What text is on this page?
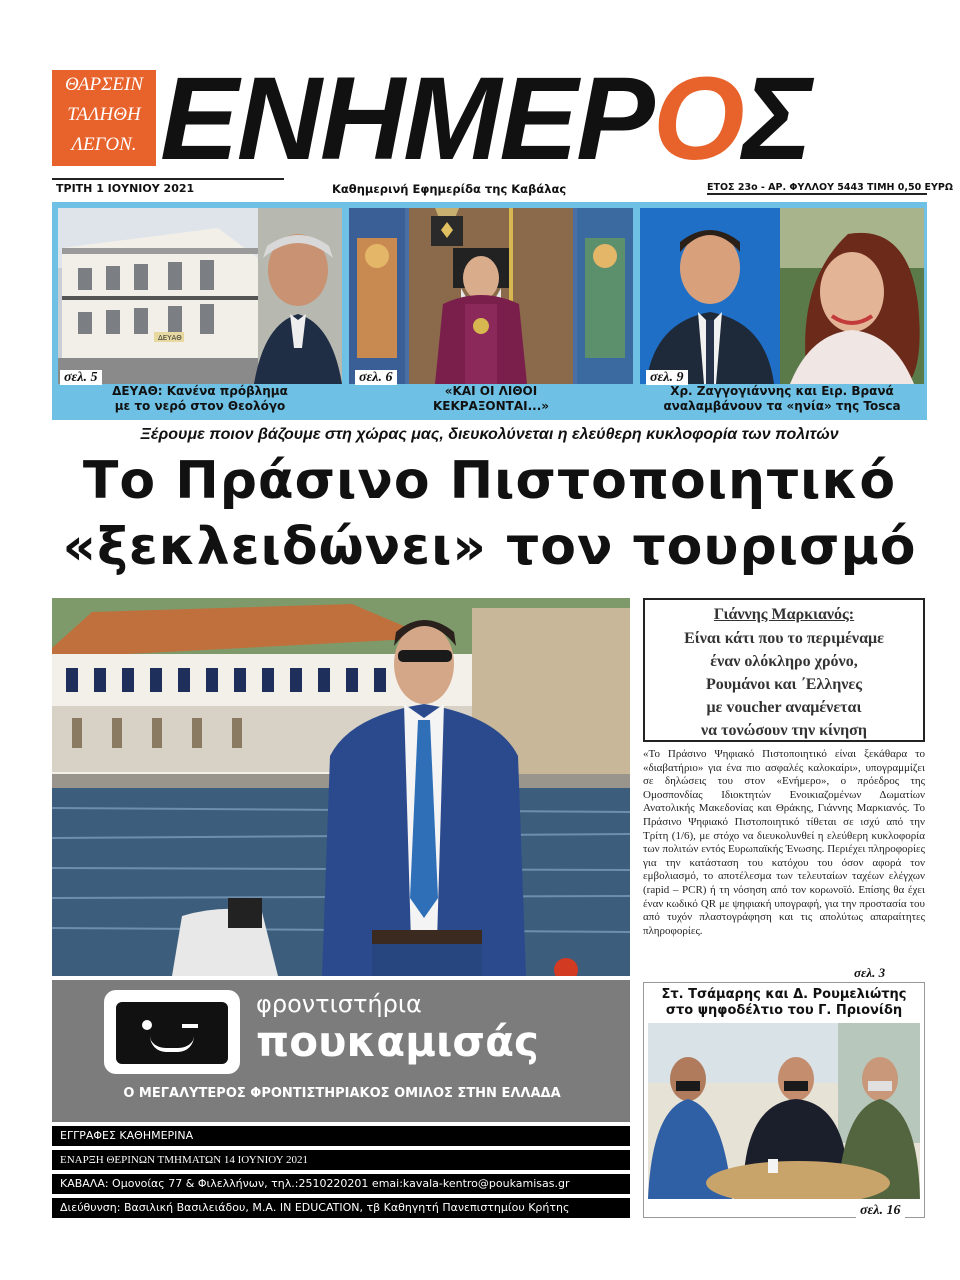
ΘΑΡΣΕΙΝ
ΤΑΛΗΘΗ
ΛΕΓΟΝ. ΕΝΗΜΕΡΟΣ
ΤΡΙΤΗ 1 ΙΟΥΝΙΟΥ 2021	Καθημερινή Εφημερίδα της Καβάλας	ΕΤΟΣ 23ο - ΑΡ. ΦΥΛΛΟΥ 5443 ΤΙΜΗ 0,50 ΕΥΡΩ
ΔΕΥΑΘ
σελ. 5
ΔΕΥΑΘ: Κανένα πρόβλημα
με το νερό στον Θεολόγο
σελ. 6
«ΚΑΙ ΟΙ ΛΙΘΟΙ
ΚΕΚΡΑΞΟΝΤΑΙ...»
σελ. 9
Χρ. Ζαγγογιάννης και Ειρ. Βρανά
αναλαμβάνουν τα «ηνία» της Tosca
Ξέρουμε ποιον βάζουμε στη χώρας μας, διευκολύνεται η ελεύθερη κυκλοφορία των πολιτών
Το Πράσινο Πιστοποιητικό
«ξεκλειδώνει» τον τουρισμό
Γιάννης Μαρκιανός:
Είναι κάτι που το περιμέναμε
έναν ολόκληρο χρόνο,
Ρουμάνοι και ΄Ελληνες
με voucher αναμένεται
να τονώσουν την κίνηση
«Το Πράσινο Ψηφιακό Πιστοποιητικό είναι ξεκάθαρα το «διαβατήριο» για ένα πιο ασφαλές καλοκαίρι», υπογραμμίζει σε δηλώσεις του στον «Ενήμερο», ο πρόεδρος της Ομοσπονδίας Ιδιοκτητών Ενοικιαζομένων Δωματίων Ανατολικής Μακεδονίας και Θράκης, Γιάννης Μαρκιανός. Το Πράσινο Ψηφιακό Πιστοποιητικό τίθεται σε ισχύ από την Τρίτη (1/6), με στόχο να διευκολυνθεί η ελεύθερη κυκλοφορία των πολιτών εντός Ευρωπαϊκής Ένωσης. Περιέχει πληροφορίες για την κατάσταση του κατόχου του όσον αφορά τον εμβολιασμό, το αποτέλεσμα των τελευταίων ταχέων ελέγχων (rapid – PCR) ή τη νόσηση από τον κορωνοϊό. Επίσης θα έχει έναν κωδικό QR με ψηφιακή υπογραφή, για την προστασία του από τυχόν πλαστογράφηση και τις απολύτως απαραίτητες πληροφορίες.
σελ. 3
φροντιστήρια
πουκαμισάς
Ο ΜΕΓΑΛΥΤΕΡΟΣ ΦΡΟΝΤΙΣΤΗΡΙΑΚΟΣ ΟΜΙΛΟΣ ΣΤΗΝ ΕΛΛΑΔΑ
ΕΓΓΡΑΦΕΣ ΚΑΘΗΜΕΡΙΝΑ
ΕΝΑΡΞΗ ΘΕΡΙΝΩΝ ΤΜΗΜΑΤΩΝ 14 ΙΟΥΝΙΟΥ 2021
ΚΑΒΑΛΑ: Ομονοίας 77 & Φιλελλήνων, τηλ.:2510220201 emai:kavala-kentro@poukamisas.gr
Διεύθυνση: Βασιλική Βασιλειάδου, Μ.Α. IN EDUCATION, τβ Καθηγητή Πανεπιστημίου Κρήτης
Στ. Τσάμαρης και Δ. Ρουμελιώτης
στο ψηφοδέλτιο του Γ. Πριονίδη
σελ. 16
